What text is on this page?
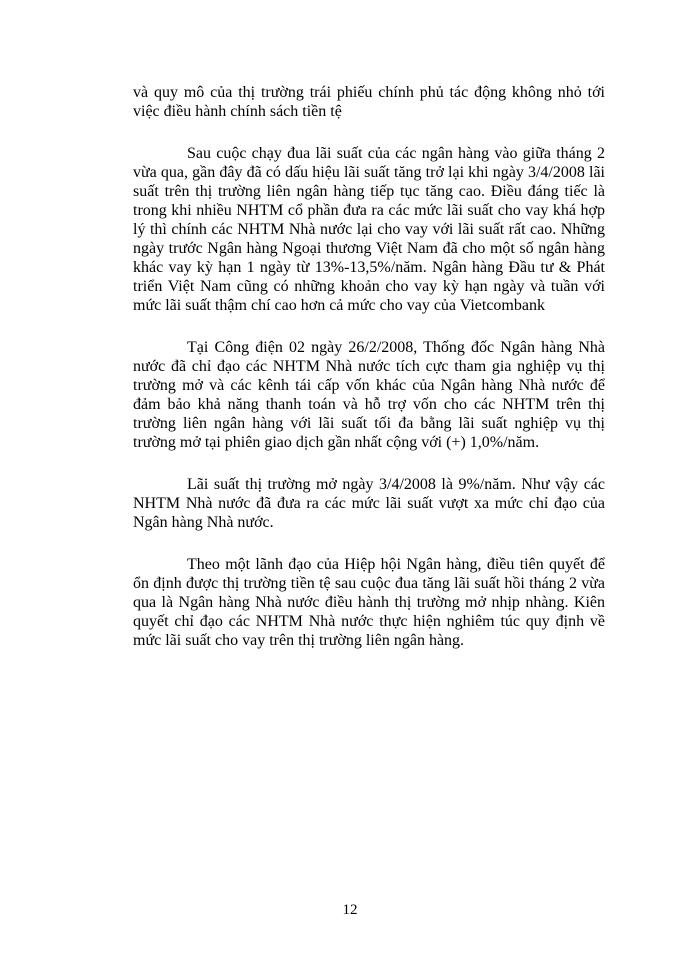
và quy mô của thị trường trái phiếu chính phủ tác động không nhỏ tới việc điều hành chính sách tiền tệ

Sau cuộc chạy đua lãi suất của các ngân hàng vào giữa tháng 2 vừa qua, gần đây đã có dấu hiệu lãi suất tăng trở lại khi ngày 3/4/2008 lãi suất trên thị trường liên ngân hàng tiếp tục tăng cao. Điều đáng tiếc là trong khi nhiều NHTM cổ phần đưa ra các mức lãi suất cho vay khá hợp lý thì chính các NHTM Nhà nước lại cho vay với lãi suất rất cao. Những ngày trước Ngân hàng Ngoại thương Việt Nam đã cho một số ngân hàng khác vay kỳ hạn 1 ngày từ 13%-13,5%/năm. Ngân hàng Đầu tư & Phát triển Việt Nam cũng có những khoản cho vay kỳ hạn ngày và tuần với mức lãi suất thậm chí cao hơn cả mức cho vay của Vietcombank

Tại Công điện 02 ngày 26/2/2008, Thống đốc Ngân hàng Nhà nước đã chỉ đạo các NHTM Nhà nước tích cực tham gia nghiệp vụ thị trường mở và các kênh tái cấp vốn khác của Ngân hàng Nhà nước để đảm bảo khả năng thanh toán và hỗ trợ vốn cho các NHTM trên thị trường liên ngân hàng với lãi suất tối đa bằng lãi suất nghiệp vụ thị trường mở tại phiên giao dịch gần nhất cộng với (+) 1,0%/năm.

Lãi suất thị trường mở ngày 3/4/2008 là 9%/năm. Như vậy các NHTM Nhà nước đã đưa ra các mức lãi suất vượt xa mức chỉ đạo của Ngân hàng Nhà nước.

Theo một lãnh đạo của Hiệp hội Ngân hàng, điều tiên quyết để ổn định được thị trường tiền tệ sau cuộc đua tăng lãi suất hồi tháng 2 vừa qua là Ngân hàng Nhà nước điều hành thị trường mở nhịp nhàng. Kiên quyết chỉ đạo các NHTM Nhà nước thực hiện nghiêm túc quy định về mức lãi suất cho vay trên thị trường liên ngân hàng.

12
